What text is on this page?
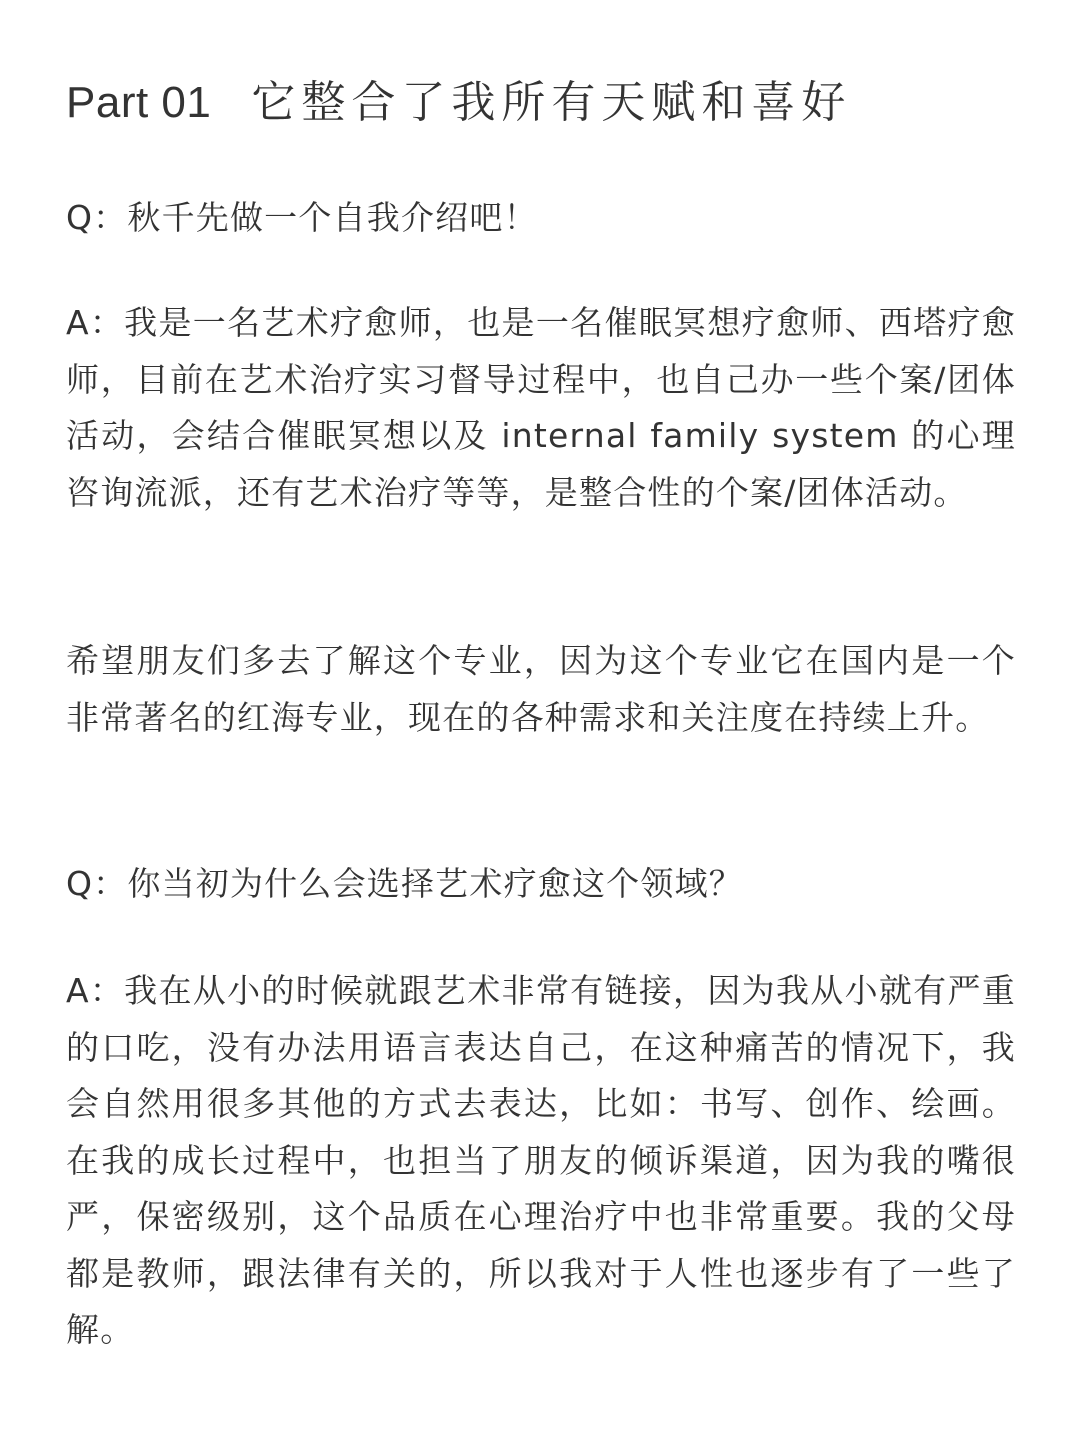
Part 01 它整合了我所有天赋和喜好

Q：秋千先做一个自我介绍吧！

A：我是一名艺术疗愈师，也是一名催眠冥想疗愈师、西塔疗愈师，目前在艺术治疗实习督导过程中，也自己办一些个案/团体活动，会结合催眠冥想以及 internal family system 的心理咨询流派，还有艺术治疗等等，是整合性的个案/团体活动。

希望朋友们多去了解这个专业，因为这个专业它在国内是一个非常著名的红海专业，现在的各种需求和关注度在持续上升。

Q：你当初为什么会选择艺术疗愈这个领域？

A：我在从小的时候就跟艺术非常有链接，因为我从小就有严重的口吃，没有办法用语言表达自己，在这种痛苦的情况下，我会自然用很多其他的方式去表达，比如：书写、创作、绘画。在我的成长过程中，也担当了朋友的倾诉渠道，因为我的嘴很严，保密级别，这个品质在心理治疗中也非常重要。我的父母都是教师，跟法律有关的，所以我对于人性也逐步有了一些了解。
